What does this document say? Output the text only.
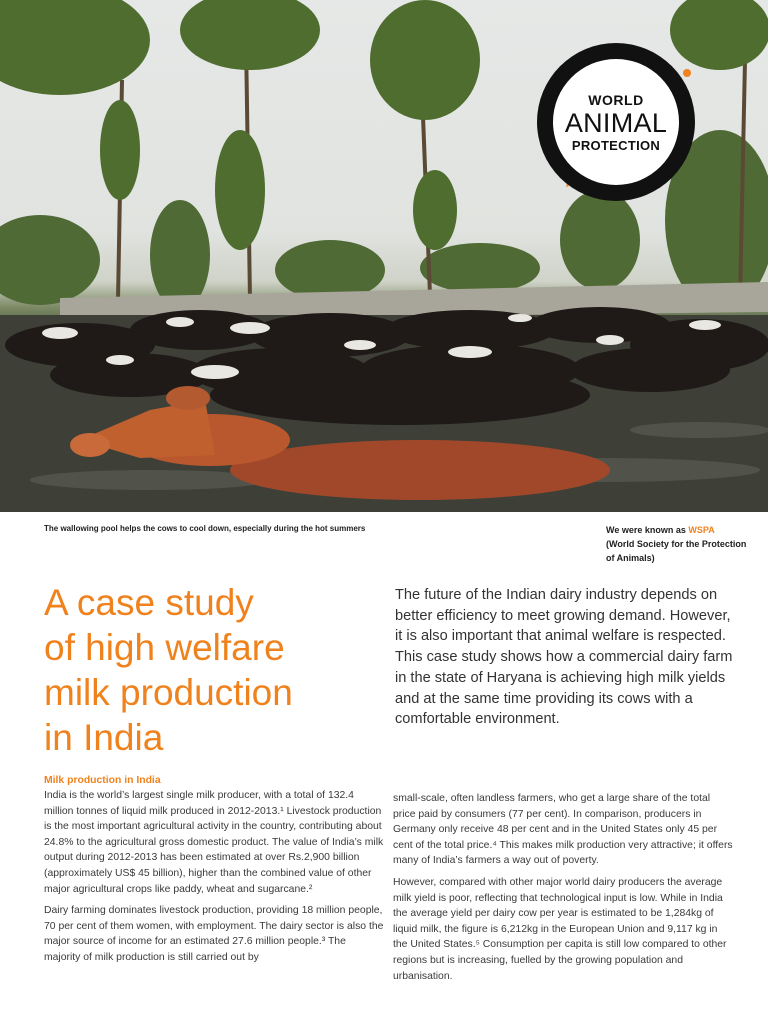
WORLD
ANIMAL
PROTECTION
The wallowing pool helps the cows to cool down, especially during the hot summers	We were known as WSPA
(World Society for the Protection of Animals)
A case study
of high welfare
milk production
in India

The future of the Indian dairy industry depends on better efficiency to meet growing demand. However, it is also important that animal welfare is respected. This case study shows how a commercial dairy farm in the state of Haryana is achieving high milk yields and at the same time providing its cows with a comfortable environment.

Milk production in India

India is the world’s largest single milk producer, with a total of 132.4 million tonnes of liquid milk produced in 2012-2013.¹ Livestock production is the most important agricultural activity in the country, contributing about 24.8% to the agricultural gross domestic product. The value of India’s milk output during 2012-2013 has been estimated at over Rs.2,900 billion (approximately US$ 45 billion), higher than the combined value of other major agricultural crops like paddy, wheat and sugarcane.²

Dairy farming dominates livestock production, providing 18 million people, 70 per cent of them women, with employment. The dairy sector is also the major source of income for an estimated 27.6 million people.³ The majority of milk production is still carried out by

small-scale, often landless farmers, who get a large share of the total price paid by consumers (77 per cent). In comparison, producers in Germany only receive 48 per cent and in the United States only 45 per cent of the total price.⁴ This makes milk production very attractive; it offers many of India’s farmers a way out of poverty.

However, compared with other major world dairy producers the average milk yield is poor, reflecting that technological input is low. While in India the average yield per dairy cow per year is estimated to be 1,284kg of liquid milk, the figure is 6,212kg in the European Union and 9,117 kg in the United States.⁵ Consumption per capita is still low compared to other regions but is increasing, fuelled by the growing population and urbanisation.
